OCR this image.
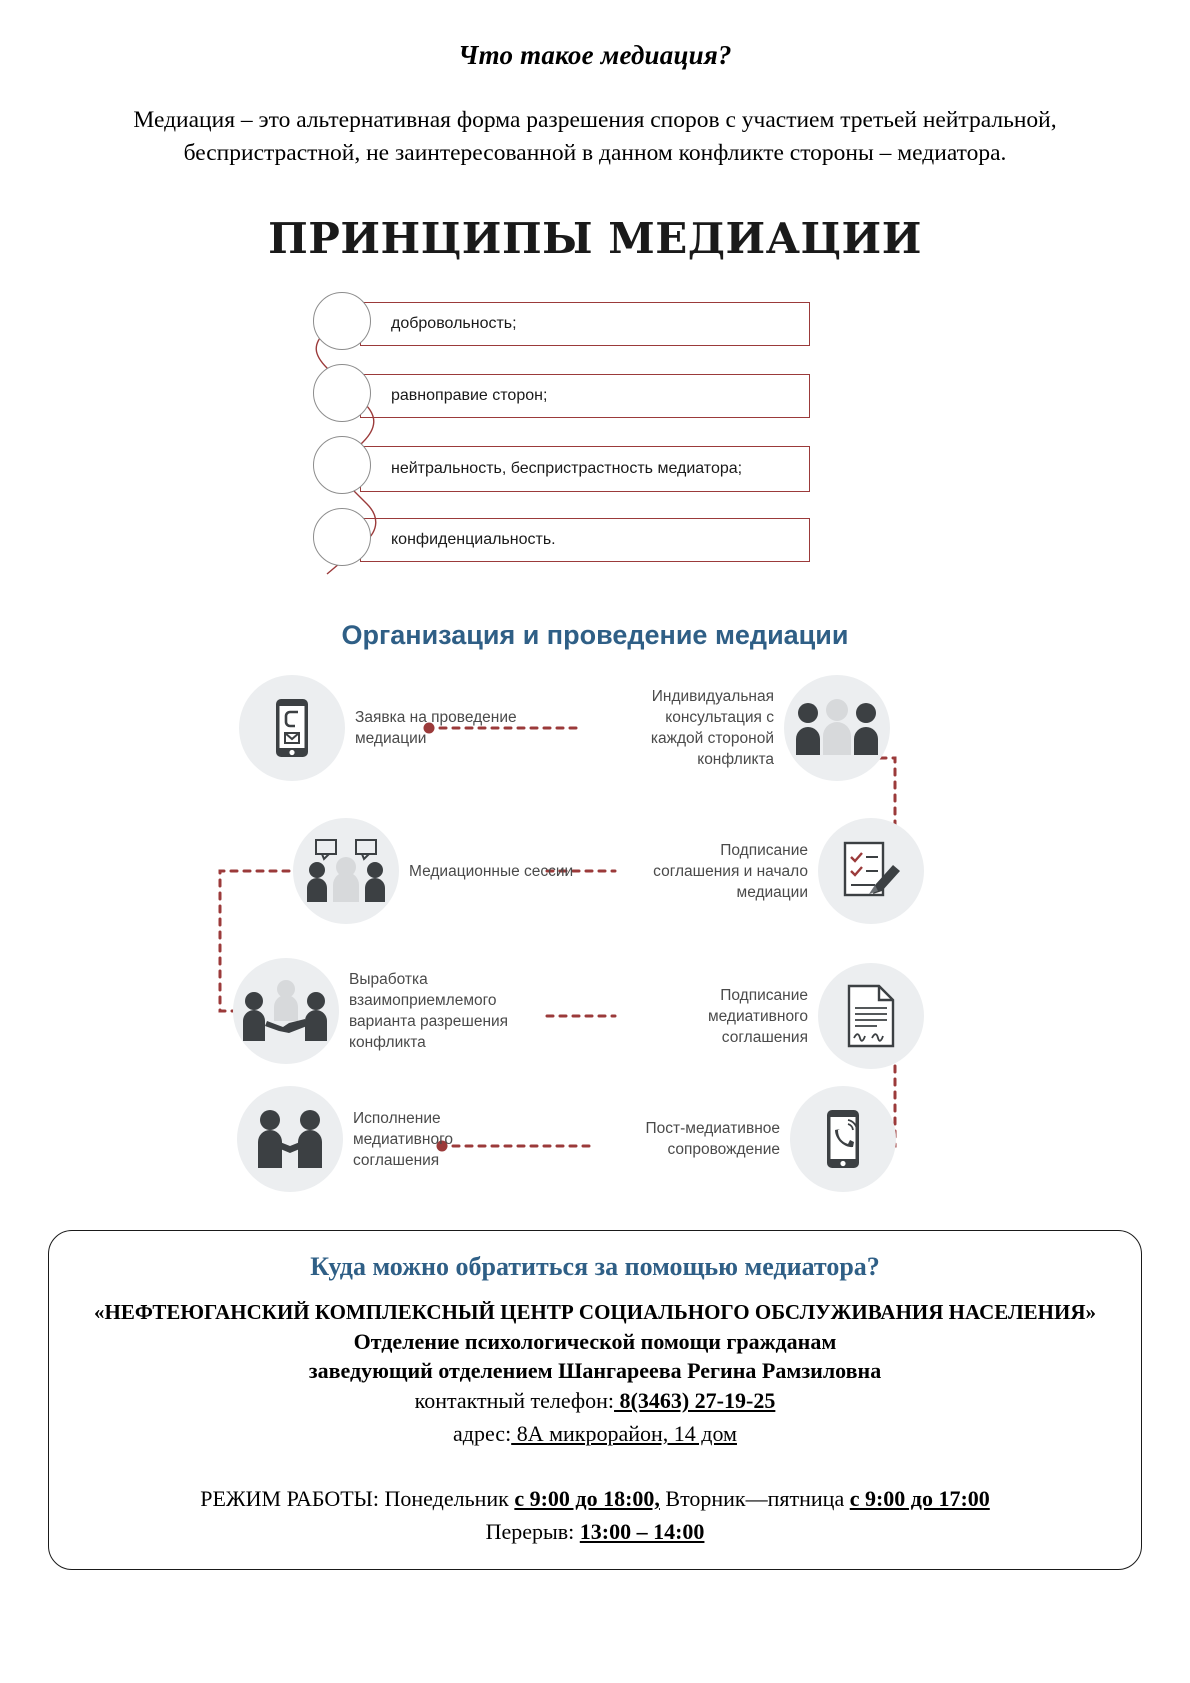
Что такое медиация?
Медиация – это альтернативная форма разрешения споров с участием третьей нейтральной, беспристрастной, не заинтересованной в данном конфликте стороны – медиатора.
ПРИНЦИПЫ МЕДИАЦИИ
добровольность;
равноправие сторон;
нейтральность, беспристрастность медиатора;
конфиденциальность.
Организация и проведение медиации
Заявка на проведение медиации
Индивидуальная консультация с каждой стороной конфликта
Медиационные сессии
Подписание соглашения и начало медиации
Выработка взаимоприемлемого варианта разрешения конфликта
Подписание медиативного соглашения
Исполнение медиативного соглашения
Пост-медиативное сопровождение
Куда можно обратиться за помощью медиатора?
«НЕФТЕЮГАНСКИЙ КОМПЛЕКСНЫЙ ЦЕНТР СОЦИАЛЬНОГО ОБСЛУЖИВАНИЯ НАСЕЛЕНИЯ»
Отделение психологической помощи гражданам
заведующий отделением Шангареева Регина Рамзиловна
контактный телефон: 8(3463) 27-19-25
адрес: 8А микрорайон, 14 дом
РЕЖИМ РАБОТЫ: Понедельник с 9:00 до 18:00, Вторник—пятница с 9:00 до 17:00
Перерыв: 13:00 – 14:00
